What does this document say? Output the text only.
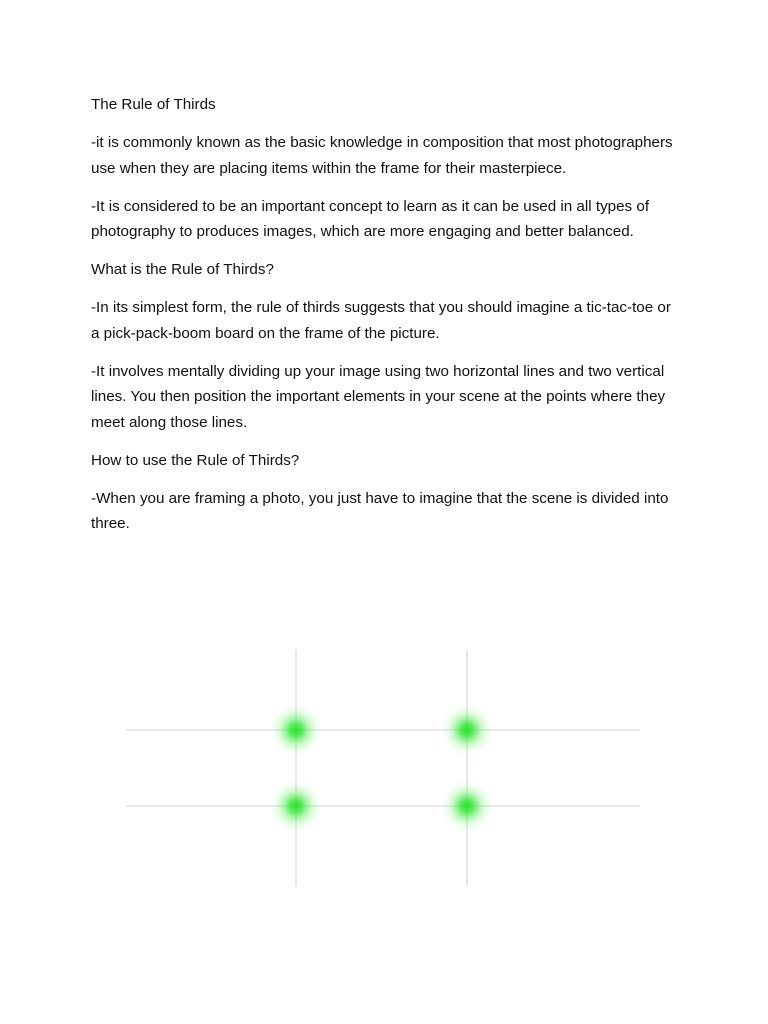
The Rule of Thirds

-it is commonly known as the basic knowledge in composition that most photographers use when they are placing items within the frame for their masterpiece.

-It is considered to be an important concept to learn as it can be used in all types of photography to produces images, which are more engaging and better balanced.

What is the Rule of Thirds?

-In its simplest form, the rule of thirds suggests that you should imagine a tic-tac-toe or a pick-pack-boom board on the frame of the picture.

-It involves mentally dividing up your image using two horizontal lines and two vertical lines. You then position the important elements in your scene at the points where they meet along those lines.

How to use the Rule of Thirds?

-When you are framing a photo, you just have to imagine that the scene is divided into three.
